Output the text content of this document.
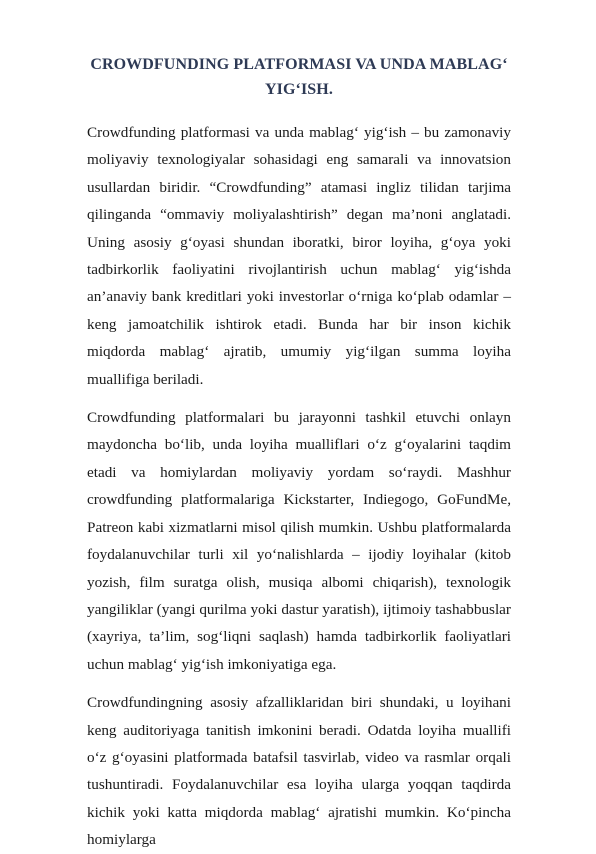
CROWDFUNDING PLATFORMASI VA UNDA MABLAG‘
YIG‘ISH.

Crowdfunding platformasi va unda mablag‘ yig‘ish – bu zamonaviy moliyaviy texnologiyalar sohasidagi eng samarali va innovatsion usullardan biridir. “Crowdfunding” atamasi ingliz tilidan tarjima qilinganda “ommaviy moliyalashtirish” degan ma’noni anglatadi. Uning asosiy g‘oyasi shundan iboratki, biror loyiha, g‘oya yoki tadbirkorlik faoliyatini rivojlantirish uchun mablag‘ yig‘ishda an’anaviy bank kreditlari yoki investorlar o‘rniga ko‘plab odamlar – keng jamoatchilik ishtirok etadi. Bunda har bir inson kichik miqdorda mablag‘ ajratib, umumiy yig‘ilgan summa loyiha muallifiga beriladi.

Crowdfunding platformalari bu jarayonni tashkil etuvchi onlayn maydoncha bo‘lib, unda loyiha mualliflari o‘z g‘oyalarini taqdim etadi va homiylardan moliyaviy yordam so‘raydi. Mashhur crowdfunding platformalariga Kickstarter, Indiegogo, GoFundMe, Patreon kabi xizmatlarni misol qilish mumkin. Ushbu platformalarda foydalanuvchilar turli xil yo‘nalishlarda – ijodiy loyihalar (kitob yozish, film suratga olish, musiqa albomi chiqarish), texnologik yangiliklar (yangi qurilma yoki dastur yaratish), ijtimoiy tashabbuslar (xayriya, ta’lim, sog‘liqni saqlash) hamda tadbirkorlik faoliyatlari uchun mablag‘ yig‘ish imkoniyatiga ega.

Crowdfundingning asosiy afzalliklaridan biri shundaki, u loyihani keng auditoriyaga tanitish imkonini beradi. Odatda loyiha muallifi o‘z g‘oyasini platformada batafsil tasvirlab, video va rasmlar orqali tushuntiradi. Foydalanuvchilar esa loyiha ularga yoqqan taqdirda kichik yoki katta miqdorda mablag‘ ajratishi mumkin. Ko‘pincha homiylarga
